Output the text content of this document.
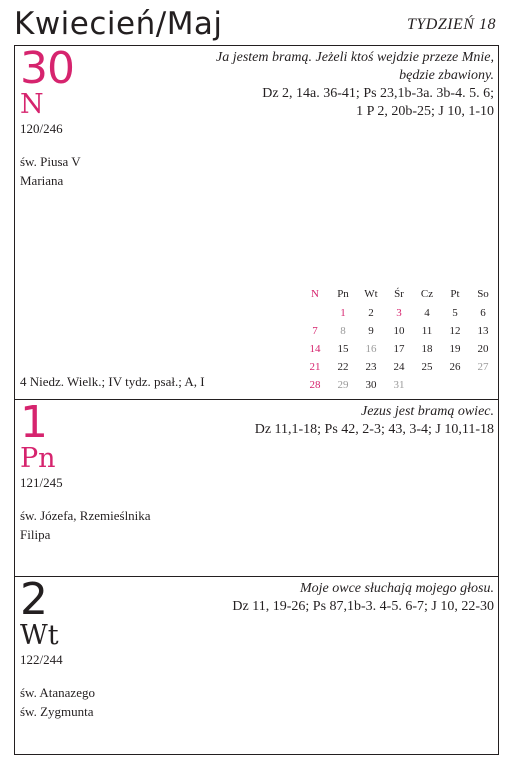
Kwiecień/Maj	TYDZIEŃ 18
30
N
120/246
św. Piusa V
Mariana
Ja jestem bramą. Jeżeli ktoś wejdzie przeze Mnie,
będzie zbawiony.
Dz 2, 14a. 36-41; Ps 23,1b-3a. 3b-4. 5. 6;
1 P 2, 20b-25; J 10, 1-10
N	Pn	Wt	Śr	Cz	Pt	So
	1	2	3	4	5	6
7	8	9	10	11	12	13
14	15	16	17	18	19	20
21	22	23	24	25	26	27
28	29	30	31			
4 Niedz. Wielk.; IV tydz. psał.; A, I
1
Pn
121/245
św. Józefa, Rzemieślnika
Filipa
Jezus jest bramą owiec.
Dz 11,1-18; Ps 42, 2-3; 43, 3-4; J 10,11-18
2
Wt
122/244
św. Atanazego
św. Zygmunta
Moje owce słuchają mojego głosu.
Dz 11, 19-26; Ps 87,1b-3. 4-5. 6-7; J 10, 22-30
